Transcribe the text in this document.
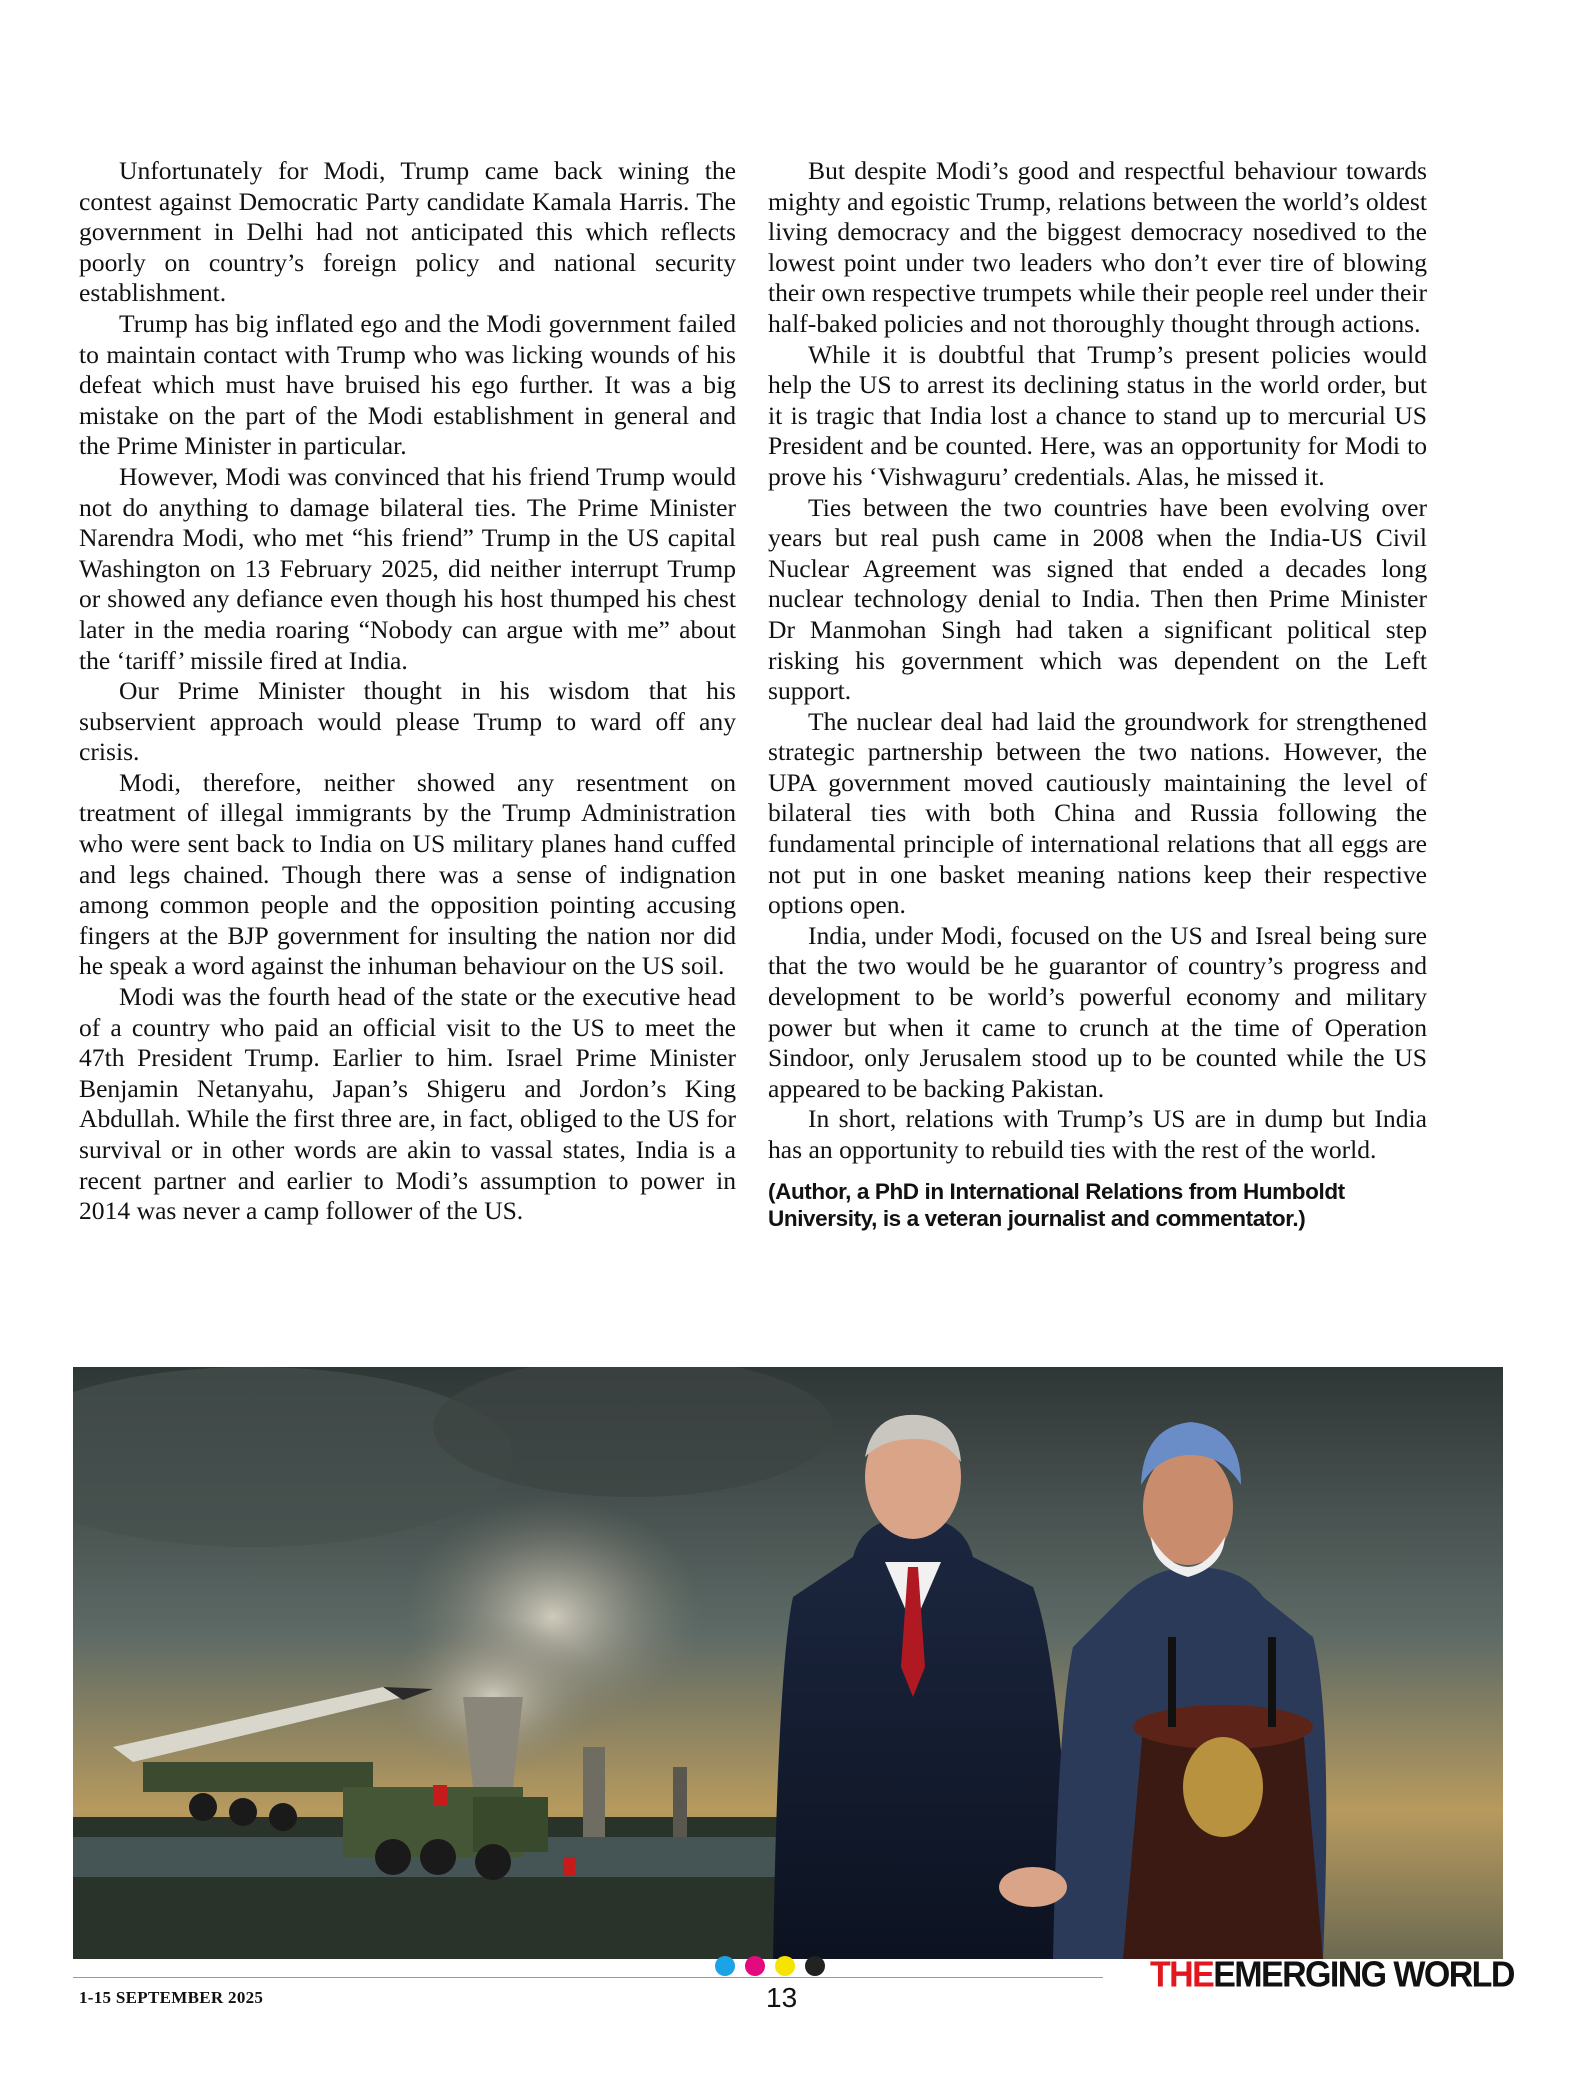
Unfortunately for Modi, Trump came back wining the contest against Democratic Party candidate Kamala Harris. The government in Delhi had not anticipated this which reflects poorly on country’s foreign policy and national security establishment.

Trump has big inflated ego and the Modi government failed to maintain contact with Trump who was licking wounds of his defeat which must have bruised his ego further. It was a big mistake on the part of the Modi establishment in general and the Prime Minister in particular.

However, Modi was convinced that his friend Trump would not do anything to damage bilateral ties. The Prime Minister Narendra Modi, who met “his friend” Trump in the US capital Washington on 13 February 2025, did neither interrupt Trump or showed any defiance even though his host thumped his chest later in the media roaring “Nobody can argue with me” about the ‘tariff’ missile fired at India.

Our Prime Minister thought in his wisdom that his subservient approach would please Trump to ward off any crisis.

Modi, therefore, neither showed any resentment on treatment of illegal immigrants by the Trump Administration who were sent back to India on US military planes hand cuffed and legs chained. Though there was a sense of indignation among common people and the opposition pointing accusing fingers at the BJP government for insulting the nation nor did he speak a word against the inhuman behaviour on the US soil.

Modi was the fourth head of the state or the executive head of a country who paid an official visit to the US to meet the 47th President Trump. Earlier to him. Israel Prime Minister Benjamin Netanyahu, Japan’s Shigeru and Jordon’s King Abdullah. While the first three are, in fact, obliged to the US for survival or in other words are akin to vassal states, India is a recent partner and earlier to Modi’s assumption to power in 2014 was never a camp follower of the US.

But despite Modi’s good and respectful behaviour towards mighty and egoistic Trump, relations between the world’s oldest living democracy and the biggest democracy nosedived to the lowest point under two leaders who don’t ever tire of blowing their own respective trumpets while their people reel under their half-baked policies and not thoroughly thought through actions.

While it is doubtful that Trump’s present policies would help the US to arrest its declining status in the world order, but it is tragic that India lost a chance to stand up to mercurial US President and be counted. Here, was an opportunity for Modi to prove his ‘Vishwaguru’ credentials. Alas, he missed it.

Ties between the two countries have been evolving over years but real push came in 2008 when the India-US Civil Nuclear Agreement was signed that ended a decades long nuclear technology denial to India. Then then Prime Minister Dr Manmohan Singh had taken a significant political step risking his government which was dependent on the Left support.

The nuclear deal had laid the groundwork for strengthened strategic partnership between the two nations. However, the UPA government moved cautiously maintaining the level of bilateral ties with both China and Russia following the fundamental principle of international relations that all eggs are not put in one basket meaning nations keep their respective options open.

India, under Modi, focused on the US and Isreal being sure that the two would be he guarantor of country’s progress and development to be world’s powerful economy and military power but when it came to crunch at the time of Operation Sindoor, only Jerusalem stood up to be counted while the US appeared to be backing Pakistan.

In short, relations with Trump’s US are in dump but India has an opportunity to rebuild ties with the rest of the world.

(Author, a PhD in International Relations from Humboldt University, is a veteran journalist and commentator.)
1-15 SEPTEMBER 2025	13
THEEMERGING WORLD
